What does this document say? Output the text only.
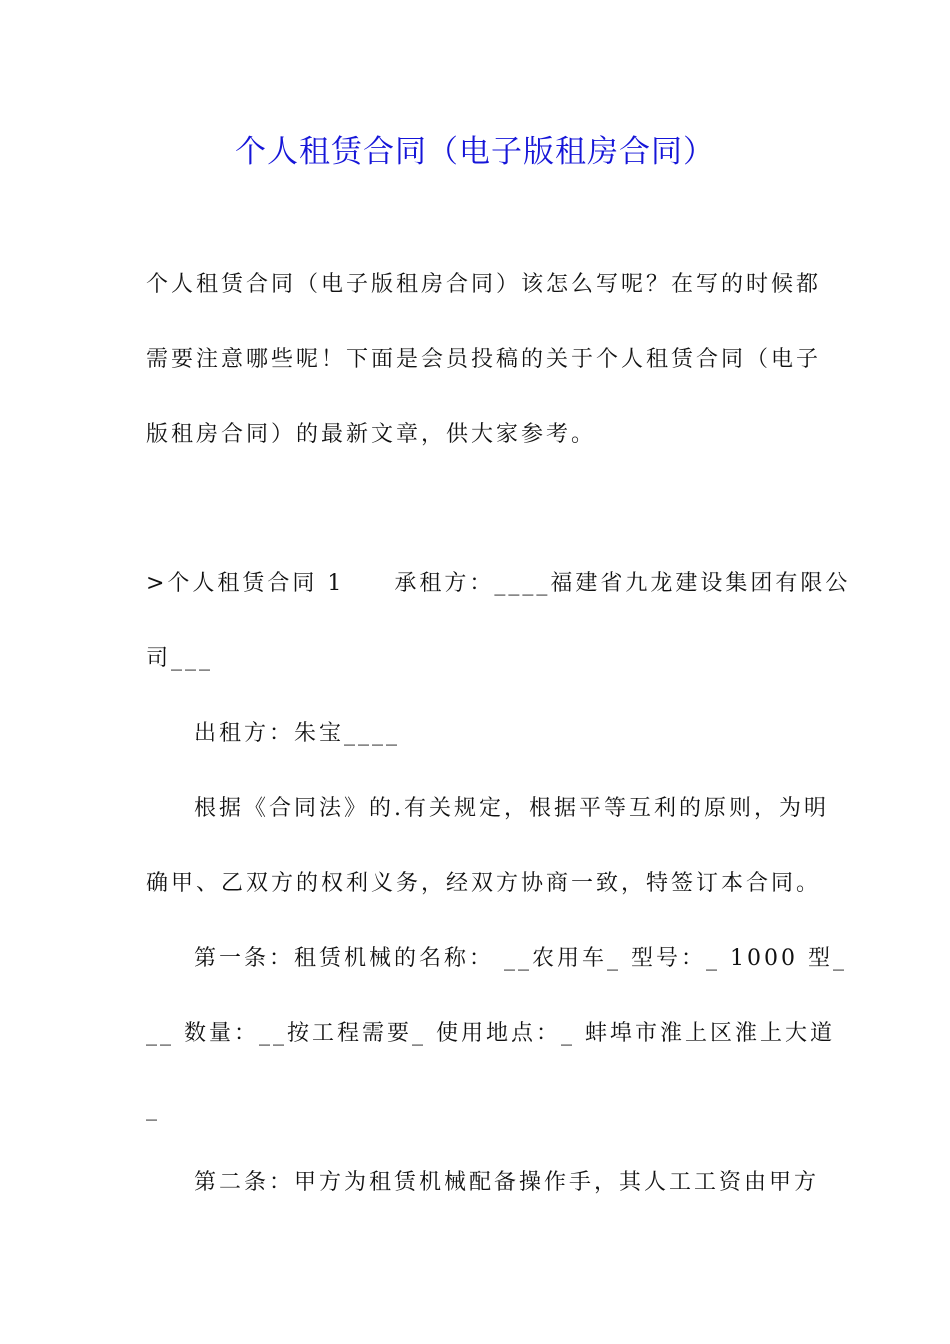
个人租赁合同（电子版租房合同）
个人租赁合同（电子版租房合同）该怎么写呢？在写的时候都
需要注意哪些呢！下面是会员投稿的关于个人租赁合同（电子
版租房合同）的最新文章，供大家参考。
>个人租赁合同 1　　承租方：____福建省九龙建设集团有限公
司___
出租方：朱宝____
根据《合同法》的.有关规定，根据平等互利的原则，为明
确甲、乙双方的权利义务，经双方协商一致，特签订本合同。
第一条：租赁机械的名称： __农用车_ 型号：_ 1000 型_
__ 数量：__按工程需要_ 使用地点：_ 蚌埠市淮上区淮上大道
_
第二条：甲方为租赁机械配备操作手，其人工工资由甲方
